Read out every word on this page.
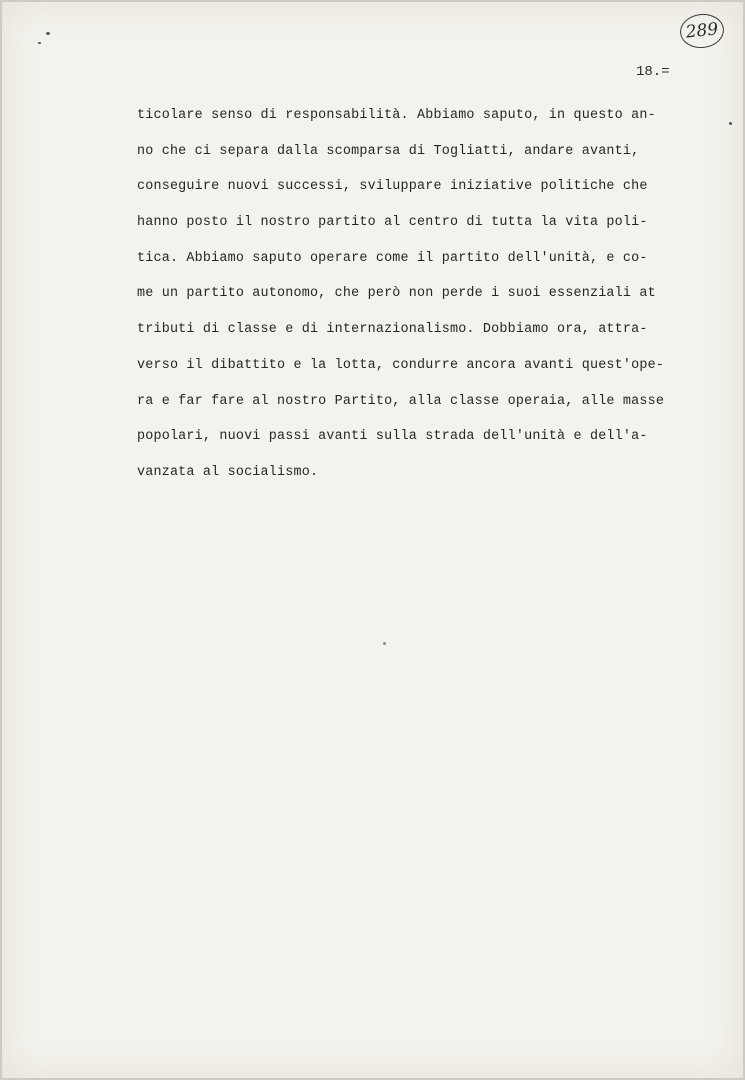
289
18.=
ticolare senso di responsabilità. Abbiamo saputo, in questo an-
no che ci separa dalla scomparsa di Togliatti, andare avanti,
conseguire nuovi successi, sviluppare iniziative politiche che
hanno posto il nostro partito al centro di tutta la vita poli-
tica. Abbiamo saputo operare come il partito dell'unità, e co-
me un partito autonomo, che però non perde i suoi essenziali at
tributi di classe e di internazionalismo. Dobbiamo ora, attra-
verso il dibattito e la lotta, condurre ancora avanti quest'ope-
ra e far fare al nostro Partito, alla classe operaia, alle masse
popolari, nuovi passi avanti sulla strada dell'unità e dell'a-
vanzata al socialismo.
